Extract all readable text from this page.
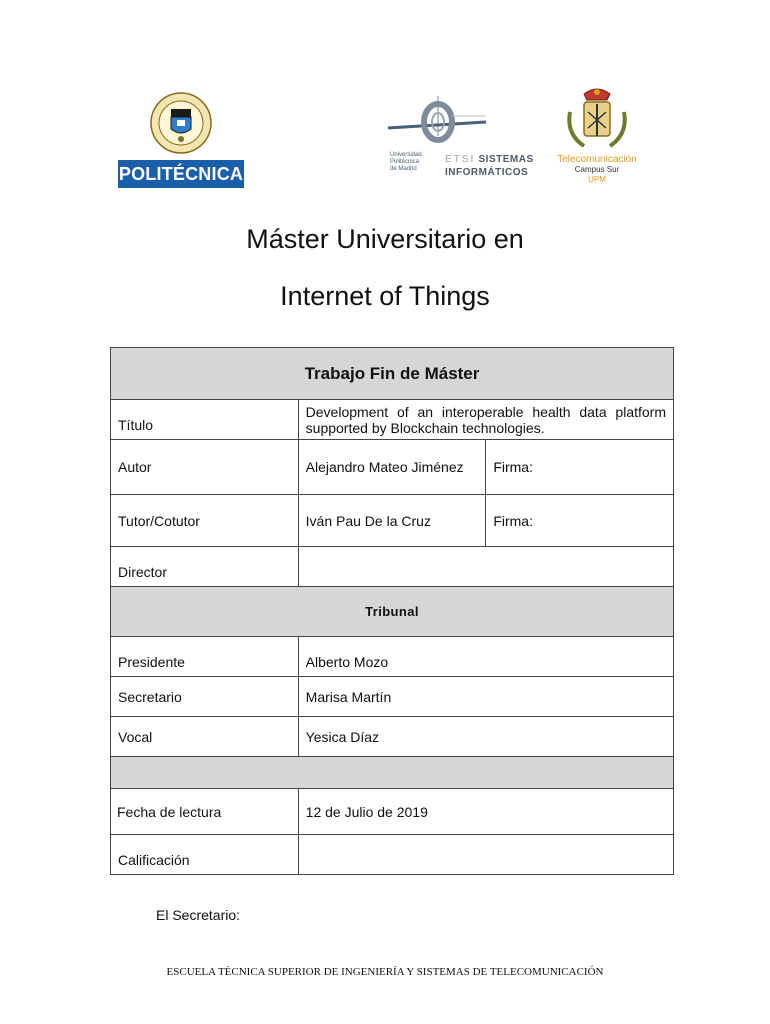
POLITÉCNICA
Universidad
Politécnica
de Madrid
ETSI SISTEMAS
INFORMÁTICOS
Telecomunicación
Campus Sur
UPM
Máster Universitario en
Internet of Things
Trabajo Fin de Máster		
Título	Development of an interoperable health data platform supported by Blockchain technologies.	
Autor	Alejandro Mateo Jiménez	Firma:
Tutor/Cotutor	Iván Pau De la Cruz	Firma:
Director		
Tribunal		
Presidente	Alberto Mozo	
Secretario	Marisa Martín	
Vocal	Yesica Díaz	

Fecha de lectura	12 de Julio de 2019	
Calificación		
El Secretario:
ESCUELA TÉCNICA SUPERIOR DE INGENIERÍA Y SISTEMAS DE TELECOMUNICACIÓN
